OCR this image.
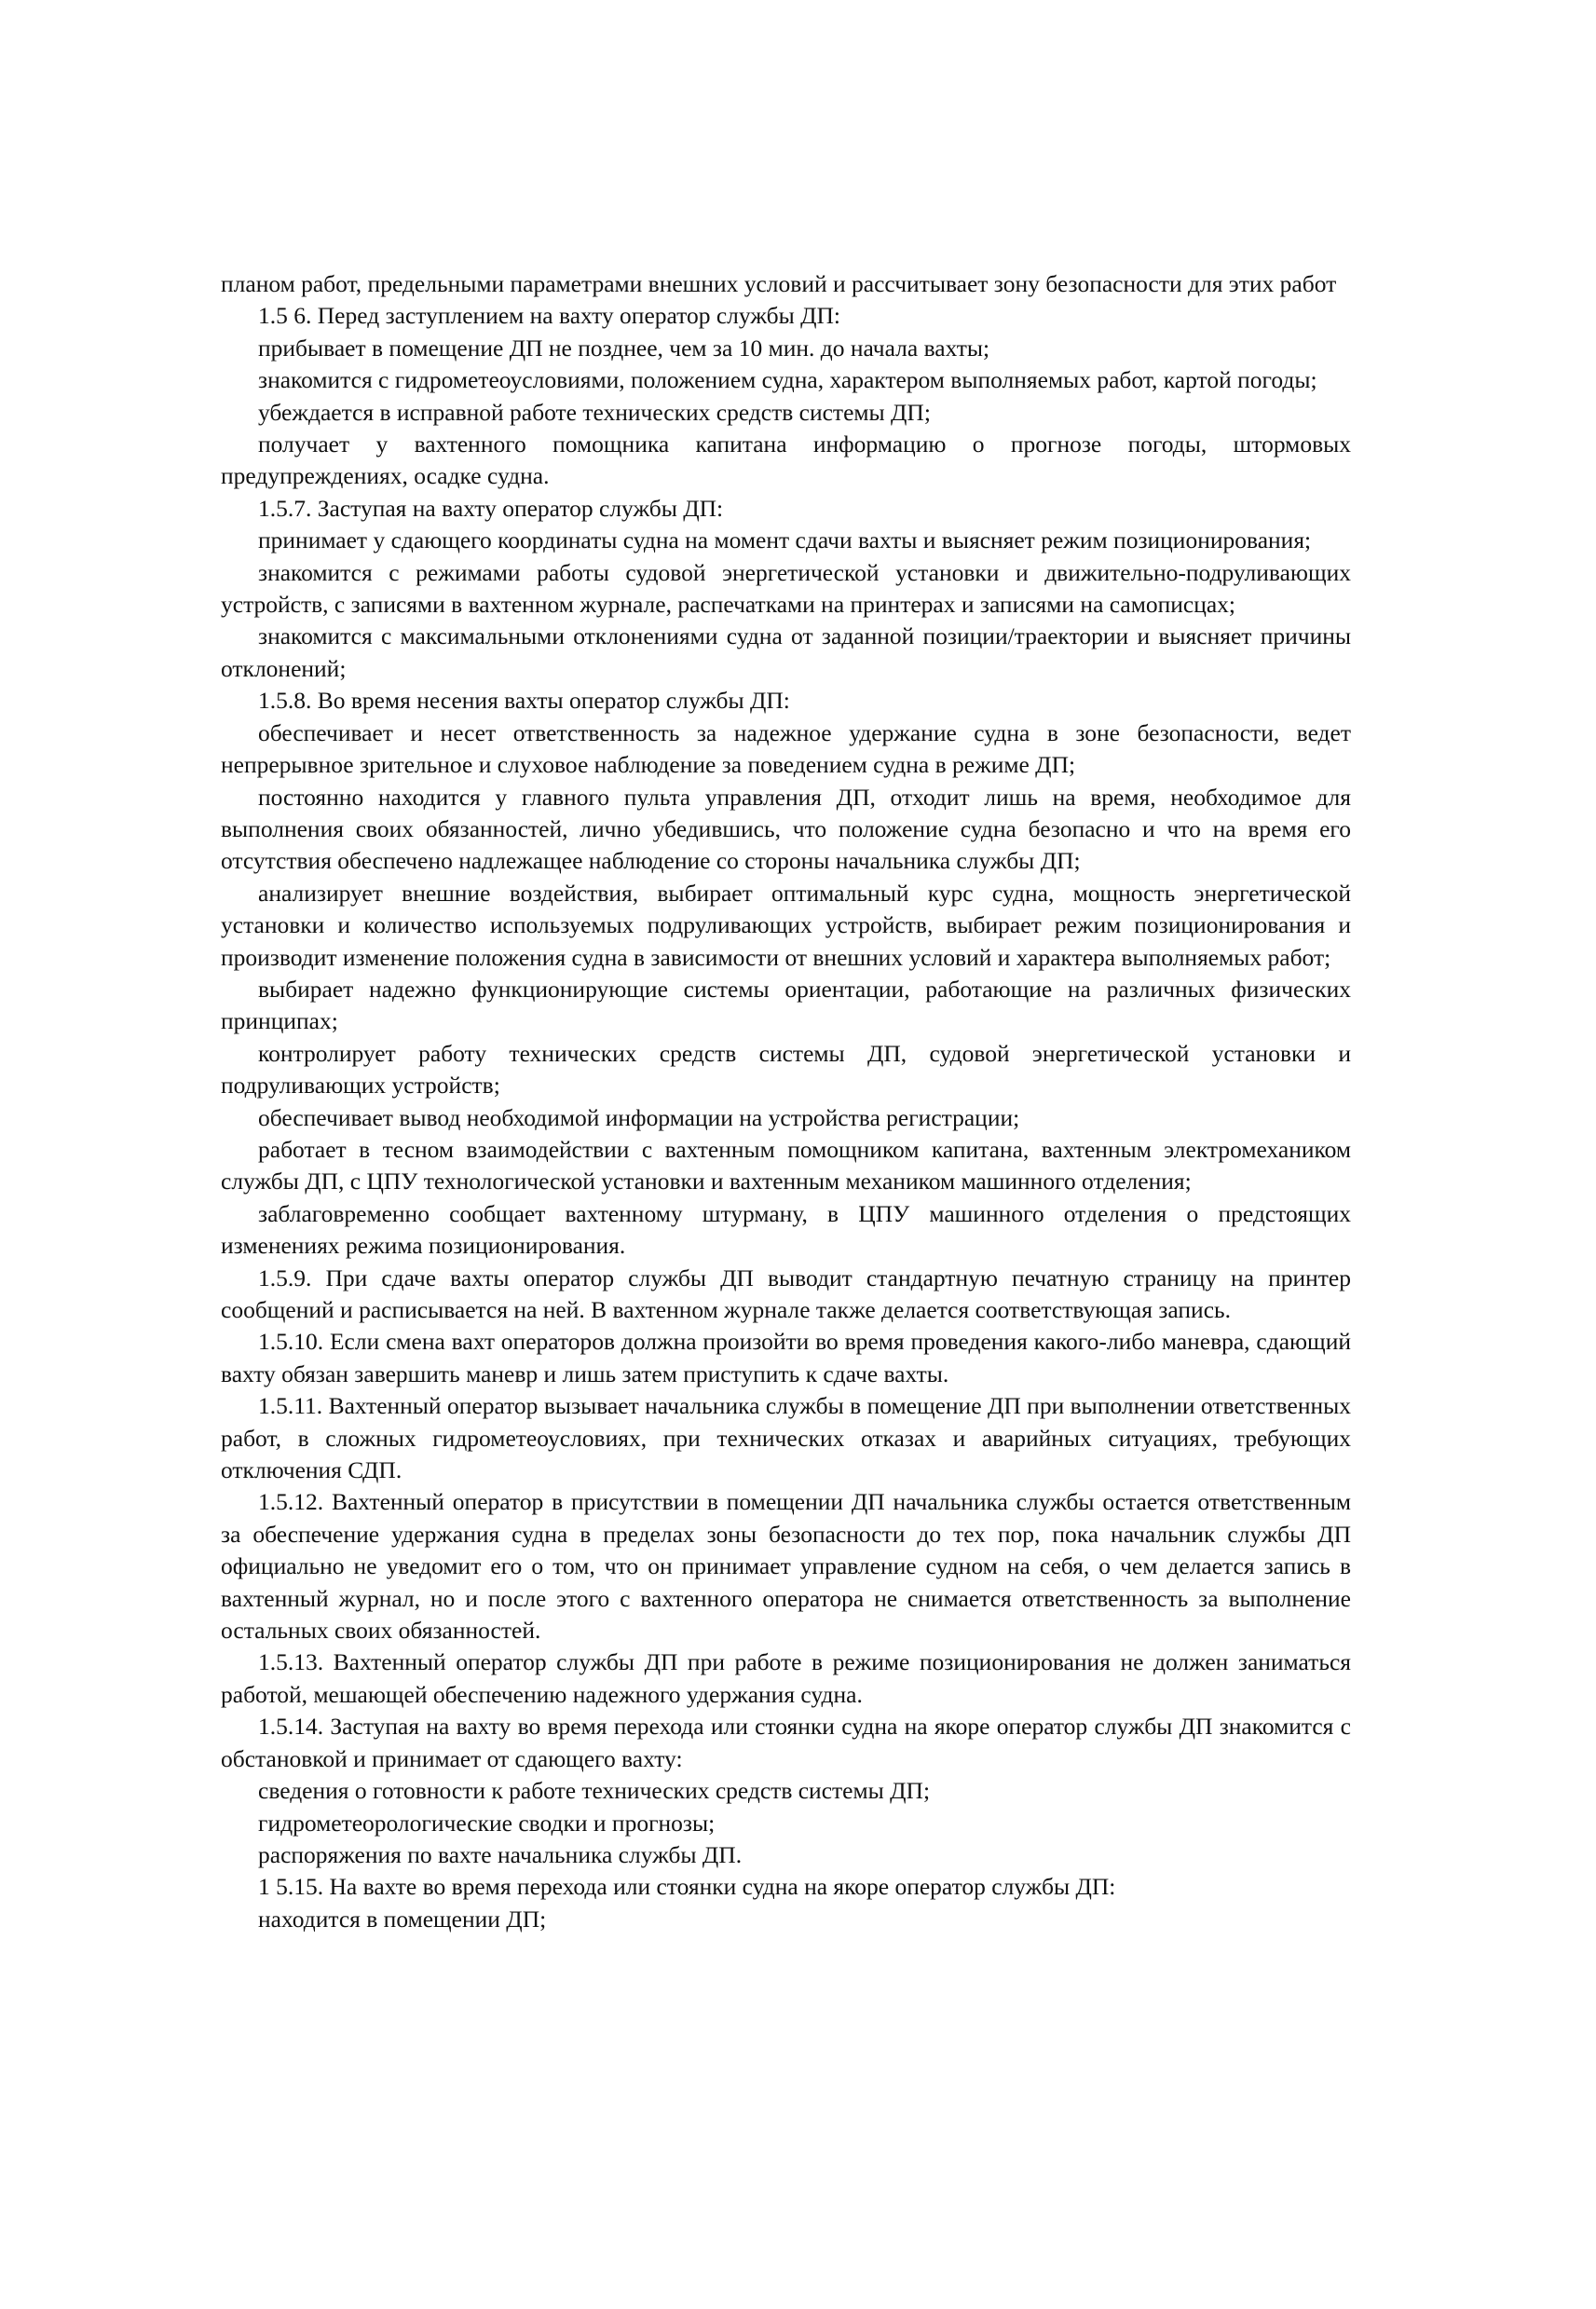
планом работ, предельными параметрами внешних условий и рассчитывает зону безопасности для этих работ

1.5 6. Перед заступлением на вахту оператор службы ДП:

прибывает в помещение ДП не позднее, чем за 10 мин. до начала вахты;

знакомится с гидрометеоусловиями, положением судна, характером выполняемых работ, картой погоды;

убеждается в исправной работе технических средств системы ДП;

получает у вахтенного помощника капитана информацию о прогнозе погоды, штормовых предупреждениях, осадке судна.

1.5.7. Заступая на вахту оператор службы ДП:

принимает у сдающего координаты судна на момент сдачи вахты и выясняет режим позиционирования;

знакомится с режимами работы судовой энергетической установки и движительно-подруливающих устройств, с записями в вахтенном журнале, распечатками на принтерах и записями на самописцах;

знакомится с максимальными отклонениями судна от заданной позиции/траектории и выясняет причины отклонений;

1.5.8. Во время несения вахты оператор службы ДП:

обеспечивает и несет ответственность за надежное удержание судна в зоне безопасности, ведет непрерывное зрительное и слуховое наблюдение за поведением судна в режиме ДП;

постоянно находится у главного пульта управления ДП, отходит лишь на время, необходимое для выполнения своих обязанностей, лично убедившись, что положение судна безопасно и что на время его отсутствия обеспечено надлежащее наблюдение со стороны начальника службы ДП;

анализирует внешние воздействия, выбирает оптимальный курс судна, мощность энергетической установки и количество используемых подруливающих устройств, выбирает режим позиционирования и производит изменение положения судна в зависимости от внешних условий и характера выполняемых работ;

выбирает надежно функционирующие системы ориентации, работающие на различных физических принципах;

контролирует работу технических средств системы ДП, судовой энергетической установки и подруливающих устройств;

обеспечивает вывод необходимой информации на устройства регистрации;

работает в тесном взаимодействии с вахтенным помощником капитана, вахтенным электромехаником службы ДП, с ЦПУ технологической установки и вахтенным механиком машинного отделения;

заблаговременно сообщает вахтенному штурману, в ЦПУ машинного отделения о предстоящих изменениях режима позиционирования.

1.5.9. При сдаче вахты оператор службы ДП выводит стандартную печатную страницу на принтер сообщений и расписывается на ней. В вахтенном журнале также делается соответствующая запись.

1.5.10. Если смена вахт операторов должна произойти во время проведения какого-либо маневра, сдающий вахту обязан завершить маневр и лишь затем приступить к сдаче вахты.

1.5.11. Вахтенный оператор вызывает начальника службы в помещение ДП при выполнении ответственных работ, в сложных гидрометеоусловиях, при технических отказах и аварийных ситуациях, требующих отключения СДП.

1.5.12. Вахтенный оператор в присутствии в помещении ДП начальника службы остается ответственным за обеспечение удержания судна в пределах зоны безопасности до тех пор, пока начальник службы ДП официально не уведомит его о том, что он принимает управление судном на себя, о чем делается запись в вахтенный журнал, но и после этого с вахтенного оператора не снимается ответственность за выполнение остальных своих обязанностей.

1.5.13. Вахтенный оператор службы ДП при работе в режиме позиционирования не должен заниматься работой, мешающей обеспечению надежного удержания судна.

1.5.14. Заступая на вахту во время перехода или стоянки судна на якоре оператор службы ДП знакомится с обстановкой и принимает от сдающего вахту:

сведения о готовности к работе технических средств системы ДП;

гидрометеорологические сводки и прогнозы;

распоряжения по вахте начальника службы ДП.

1 5.15. На вахте во время перехода или стоянки судна на якоре оператор службы ДП:

находится в помещении ДП;
